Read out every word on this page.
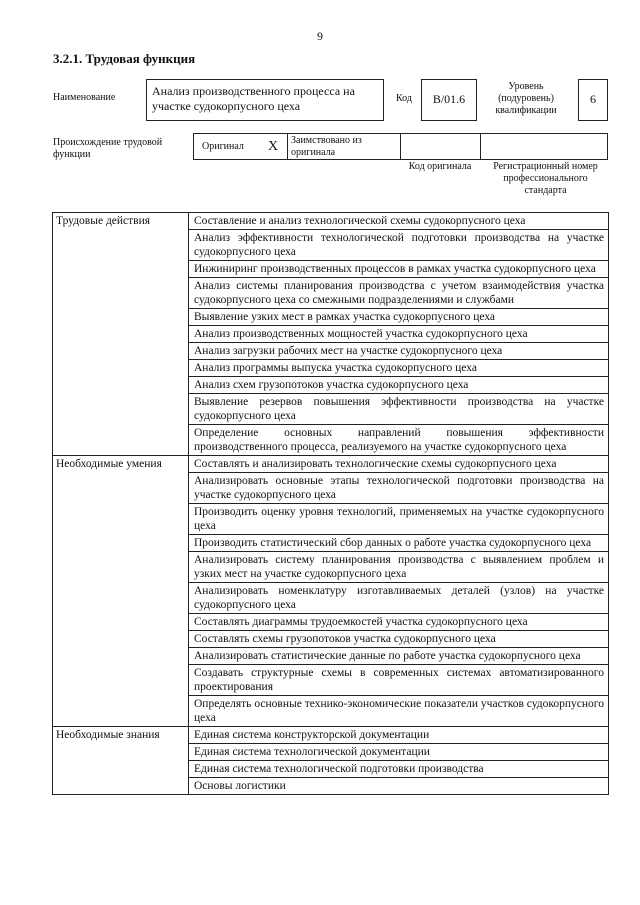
9
3.2.1. Трудовая функция
Наименование	Анализ производственного процесса на участке судокорпусного цеха
Код	B/01.6
Уровень (подуровень) квалификации
6
Происхождение трудовой функции
Оригинал X Заимствовано из оригинала
Код оригинала	Регистрационный номер профессионального стандарта
Трудовые действия	Составление и анализ технологической схемы судокорпусного цеха
	Анализ эффективности технологической подготовки производства на участке судокорпусного цеха
	Инжиниринг производственных процессов в рамках участка судокорпусного цеха
	Анализ системы планирования производства с учетом взаимодействия участка судокорпусного цеха со смежными подразделениями и службами
	Выявление узких мест в рамках участка судокорпусного цеха
	Анализ производственных мощностей участка судокорпусного цеха
	Анализ загрузки рабочих мест на участке судокорпусного цеха
	Анализ программы выпуска участка судокорпусного цеха
	Анализ схем грузопотоков участка судокорпусного цеха
	Выявление резервов повышения эффективности производства на участке судокорпусного цеха
	Определение основных направлений повышения эффективности производственного процесса, реализуемого на участке судокорпусного цеха
Необходимые умения	Составлять и анализировать технологические схемы судокорпусного цеха
	Анализировать основные этапы технологической подготовки производства на участке судокорпусного цеха
	Производить оценку уровня технологий, применяемых на участке судокорпусного цеха
	Производить статистический сбор данных о работе участка судокорпусного цеха
	Анализировать систему планирования производства с выявлением проблем и узких мест на участке судокорпусного цеха
	Анализировать номенклатуру изготавливаемых деталей (узлов) на участке судокорпусного цеха
	Составлять диаграммы трудоемкостей участка судокорпусного цеха
	Составлять схемы грузопотоков участка судокорпусного цеха
	Анализировать статистические данные по работе участка судокорпусного цеха
	Создавать структурные схемы в современных системах автоматизированного проектирования
	Определять основные технико-экономические показатели участков судокорпусного цеха
Необходимые знания	Единая система конструкторской документации
	Единая система технологической документации
	Единая система технологической подготовки производства
	Основы логистики
